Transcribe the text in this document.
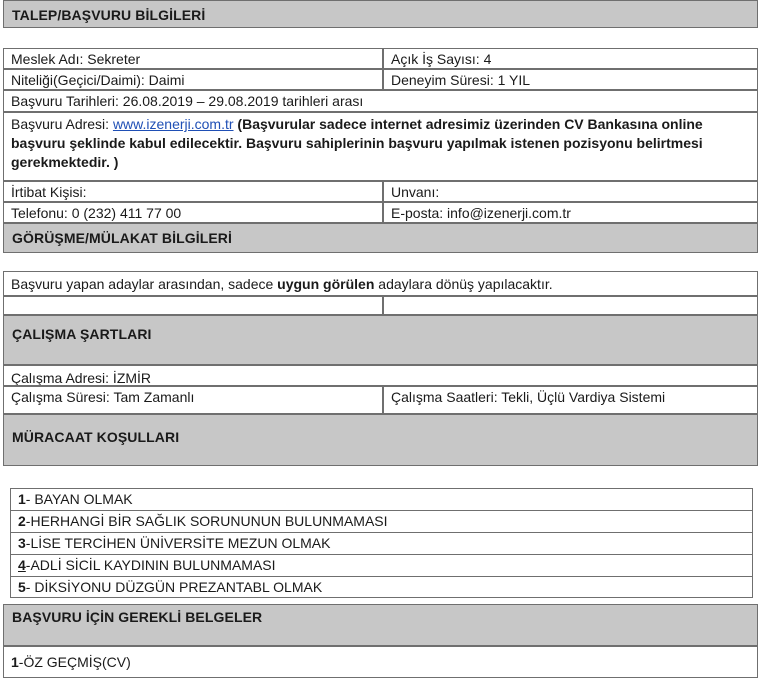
TALEP/BAŞVURU BİLGİLERİ
Meslek Adı: Sekreter	Açık İş Sayısı: 4
Niteliği(Geçici/Daimi): Daimi	Deneyim Süresi: 1 YIL
Başvuru Tarihleri: 26.08.2019 – 29.08.2019 tarihleri arası
Başvuru Adresi: www.izenerji.com.tr (Başvurular sadece internet adresimiz üzerinden CV Bankasına online başvuru şeklinde kabul edilecektir. Başvuru sahiplerinin başvuru yapılmak istenen pozisyonu belirtmesi gerekmektedir. )
İrtibat Kişisi:	Unvanı:
Telefonu: 0 (232) 411 77 00	E-posta: info@izenerji.com.tr
GÖRÜŞME/MÜLAKAT BİLGİLERİ
Başvuru yapan adaylar arasından, sadece uygun görülen adaylara dönüş yapılacaktır.
ÇALIŞMA ŞARTLARI
Çalışma Adresi: İZMİR
Çalışma Süresi: Tam Zamanlı	Çalışma Saatleri: Tekli, Üçlü Vardiya Sistemi
MÜRACAAT KOŞULLARI
1- BAYAN OLMAK
2-HERHANGİ BİR SAĞLIK SORUNUNUN BULUNMAMASI
3-LİSE TERCİHEN ÜNİVERSİTE MEZUN OLMAK
4-ADLİ SİCİL KAYDININ BULUNMAMASI
5- DİKSİYONU DÜZGÜN PREZANTABL OLMAK
BAŞVURU İÇİN GEREKLİ BELGELER
1-ÖZ GEÇMİŞ(CV)
